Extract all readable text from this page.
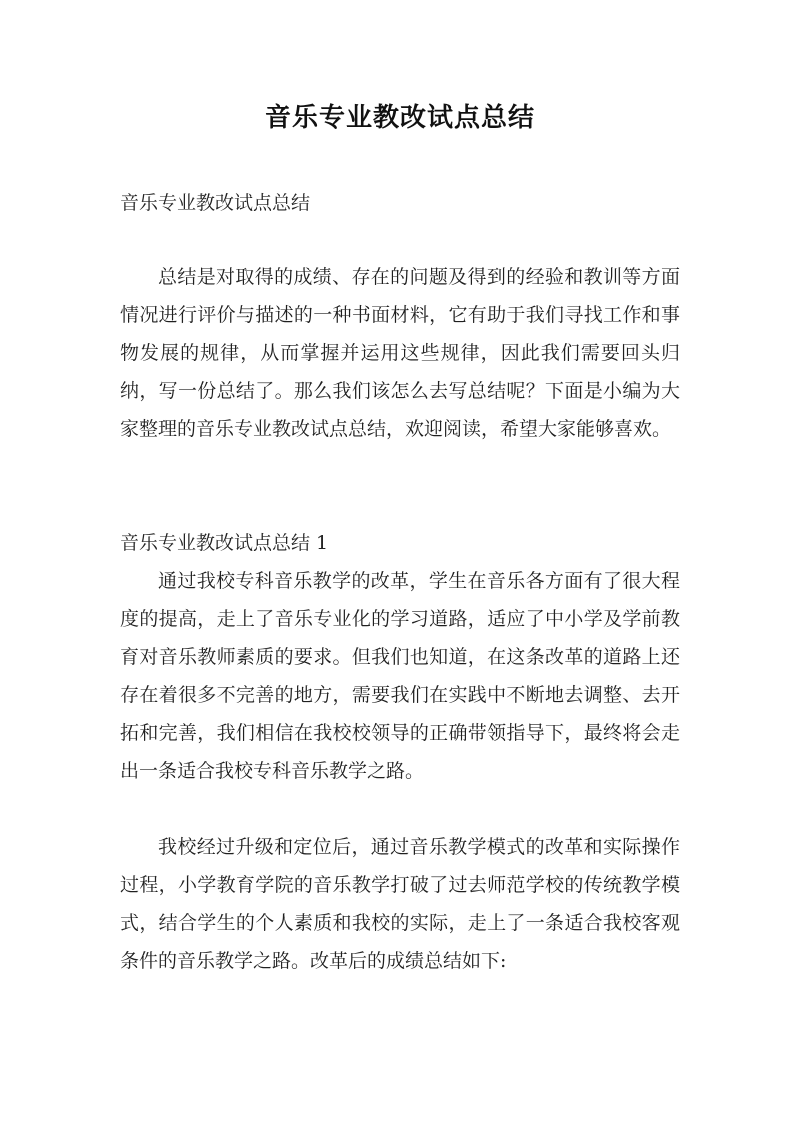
音乐专业教改试点总结
音乐专业教改试点总结

总结是对取得的成绩、存在的问题及得到的经验和教训等方面情况进行评价与描述的一种书面材料，它有助于我们寻找工作和事物发展的规律，从而掌握并运用这些规律，因此我们需要回头归纳，写一份总结了。那么我们该怎么去写总结呢？下面是小编为大家整理的音乐专业教改试点总结，欢迎阅读，希望大家能够喜欢。

音乐专业教改试点总结 1

通过我校专科音乐教学的改革，学生在音乐各方面有了很大程度的提高，走上了音乐专业化的学习道路，适应了中小学及学前教育对音乐教师素质的要求。但我们也知道，在这条改革的道路上还存在着很多不完善的地方，需要我们在实践中不断地去调整、去开拓和完善，我们相信在我校校领导的正确带领指导下，最终将会走出一条适合我校专科音乐教学之路。

我校经过升级和定位后，通过音乐教学模式的改革和实际操作过程，小学教育学院的音乐教学打破了过去师范学校的传统教学模式，结合学生的个人素质和我校的实际，走上了一条适合我校客观条件的音乐教学之路。改革后的成绩总结如下:
